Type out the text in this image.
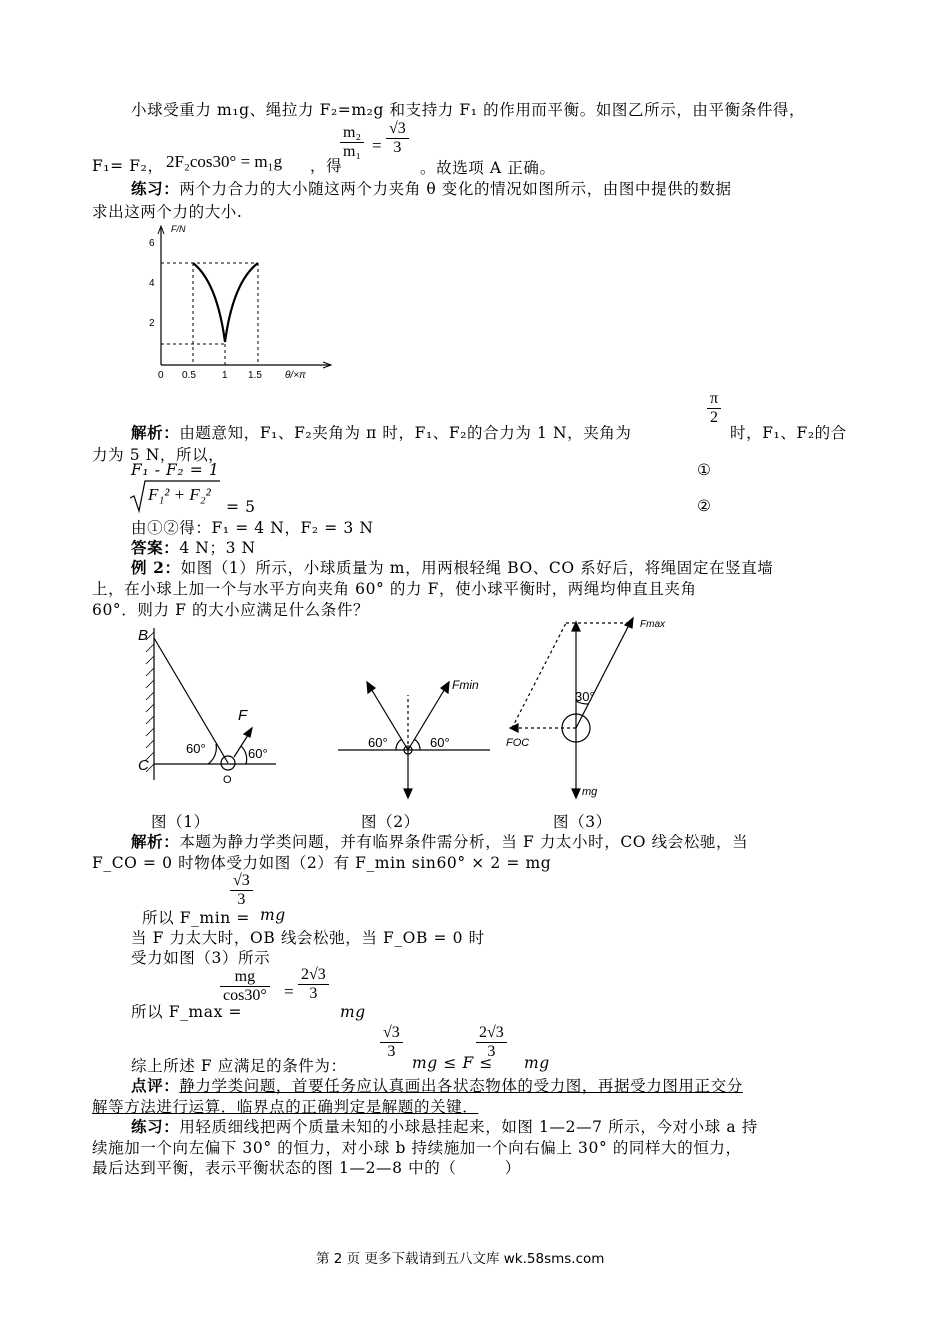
小球受重力 m₁g、绳拉力 F₂=m₂g 和支持力 F₁ 的作用而平衡。如图乙所示，由平衡条件得，
F₁= F₂， 2F₂cos30° = m₁g ，得
$\frac{\text{m₂}}{\text{m₁}} = \frac{√3}{3}$
。故选项 A 正确。
练习：两个力合力的大小随这两个力夹角 θ 变化的情况如图所示，由图中提供的数据
求出这两个力的大小.
F/N
6
4
2
0 0.5	1 1.5 θ/×π
解析：由题意知，F₁、F₂夹角为 π 时，F₁、F₂的合力为 1 N，夹角为
$\frac{\pi}{2}$
时，F₁、F₂的合
力为 5 N，所以，
F₁ - F₂ = 1	①
F₁² + F₂²
= 5	②
由①②得：F₁ = 4 N，F₂ = 3 N
答案：4 N；3 N
例 2：如图（1）所示，小球质量为 m，用两根轻绳 BO、CO 系好后，将绳固定在竖直墙
上，在小球上加一个与水平方向夹角 60° 的力 F，使小球平衡时，两绳均伸直且夹角
60°．则力 F 的大小应满足什么条件？
B
C
O
F
60°	60°
Fmin
60°	60°
Fmax
FOC
30°
mg
图（1）	图（2）	图（3）
解析：本题为静力学类问题，并有临界条件需分析，当 F 力太小时，CO 线会松驰，当
F_CO = 0 时物体受力如图（2）有 F_min sin60° × 2 = mg
所以 F_min =
$\frac{√3}{3}$
mg
当 F 力太大时，OB 线会松弛，当 F_OB = 0 时
受力如图（3）所示
所以 F_max =
$\frac{mg}{\cos 30^\circ} = \frac{2√3}{3}$
mg
综上所述 F 应满足的条件为：
$\frac{√3}{3}$
mg ≤ F ≤
$\frac{2√3}{3}$
mg
点评：静力学类问题，首要任务应认真画出各状态物体的受力图，再据受力图用正交分
解等方法进行运算．临界点的正确判定是解题的关键．
练习：用轻质细线把两个质量未知的小球悬挂起来，如图 1—2—7 所示，今对小球 a 持
续施加一个向左偏下 30° 的恒力，对小球 b 持续施加一个向右偏上 30° 的同样大的恒力，
最后达到平衡，表示平衡状态的图 1—2—8 中的（　　　）
第 2 页 更多下载请到五八文库 wk.58sms.com
